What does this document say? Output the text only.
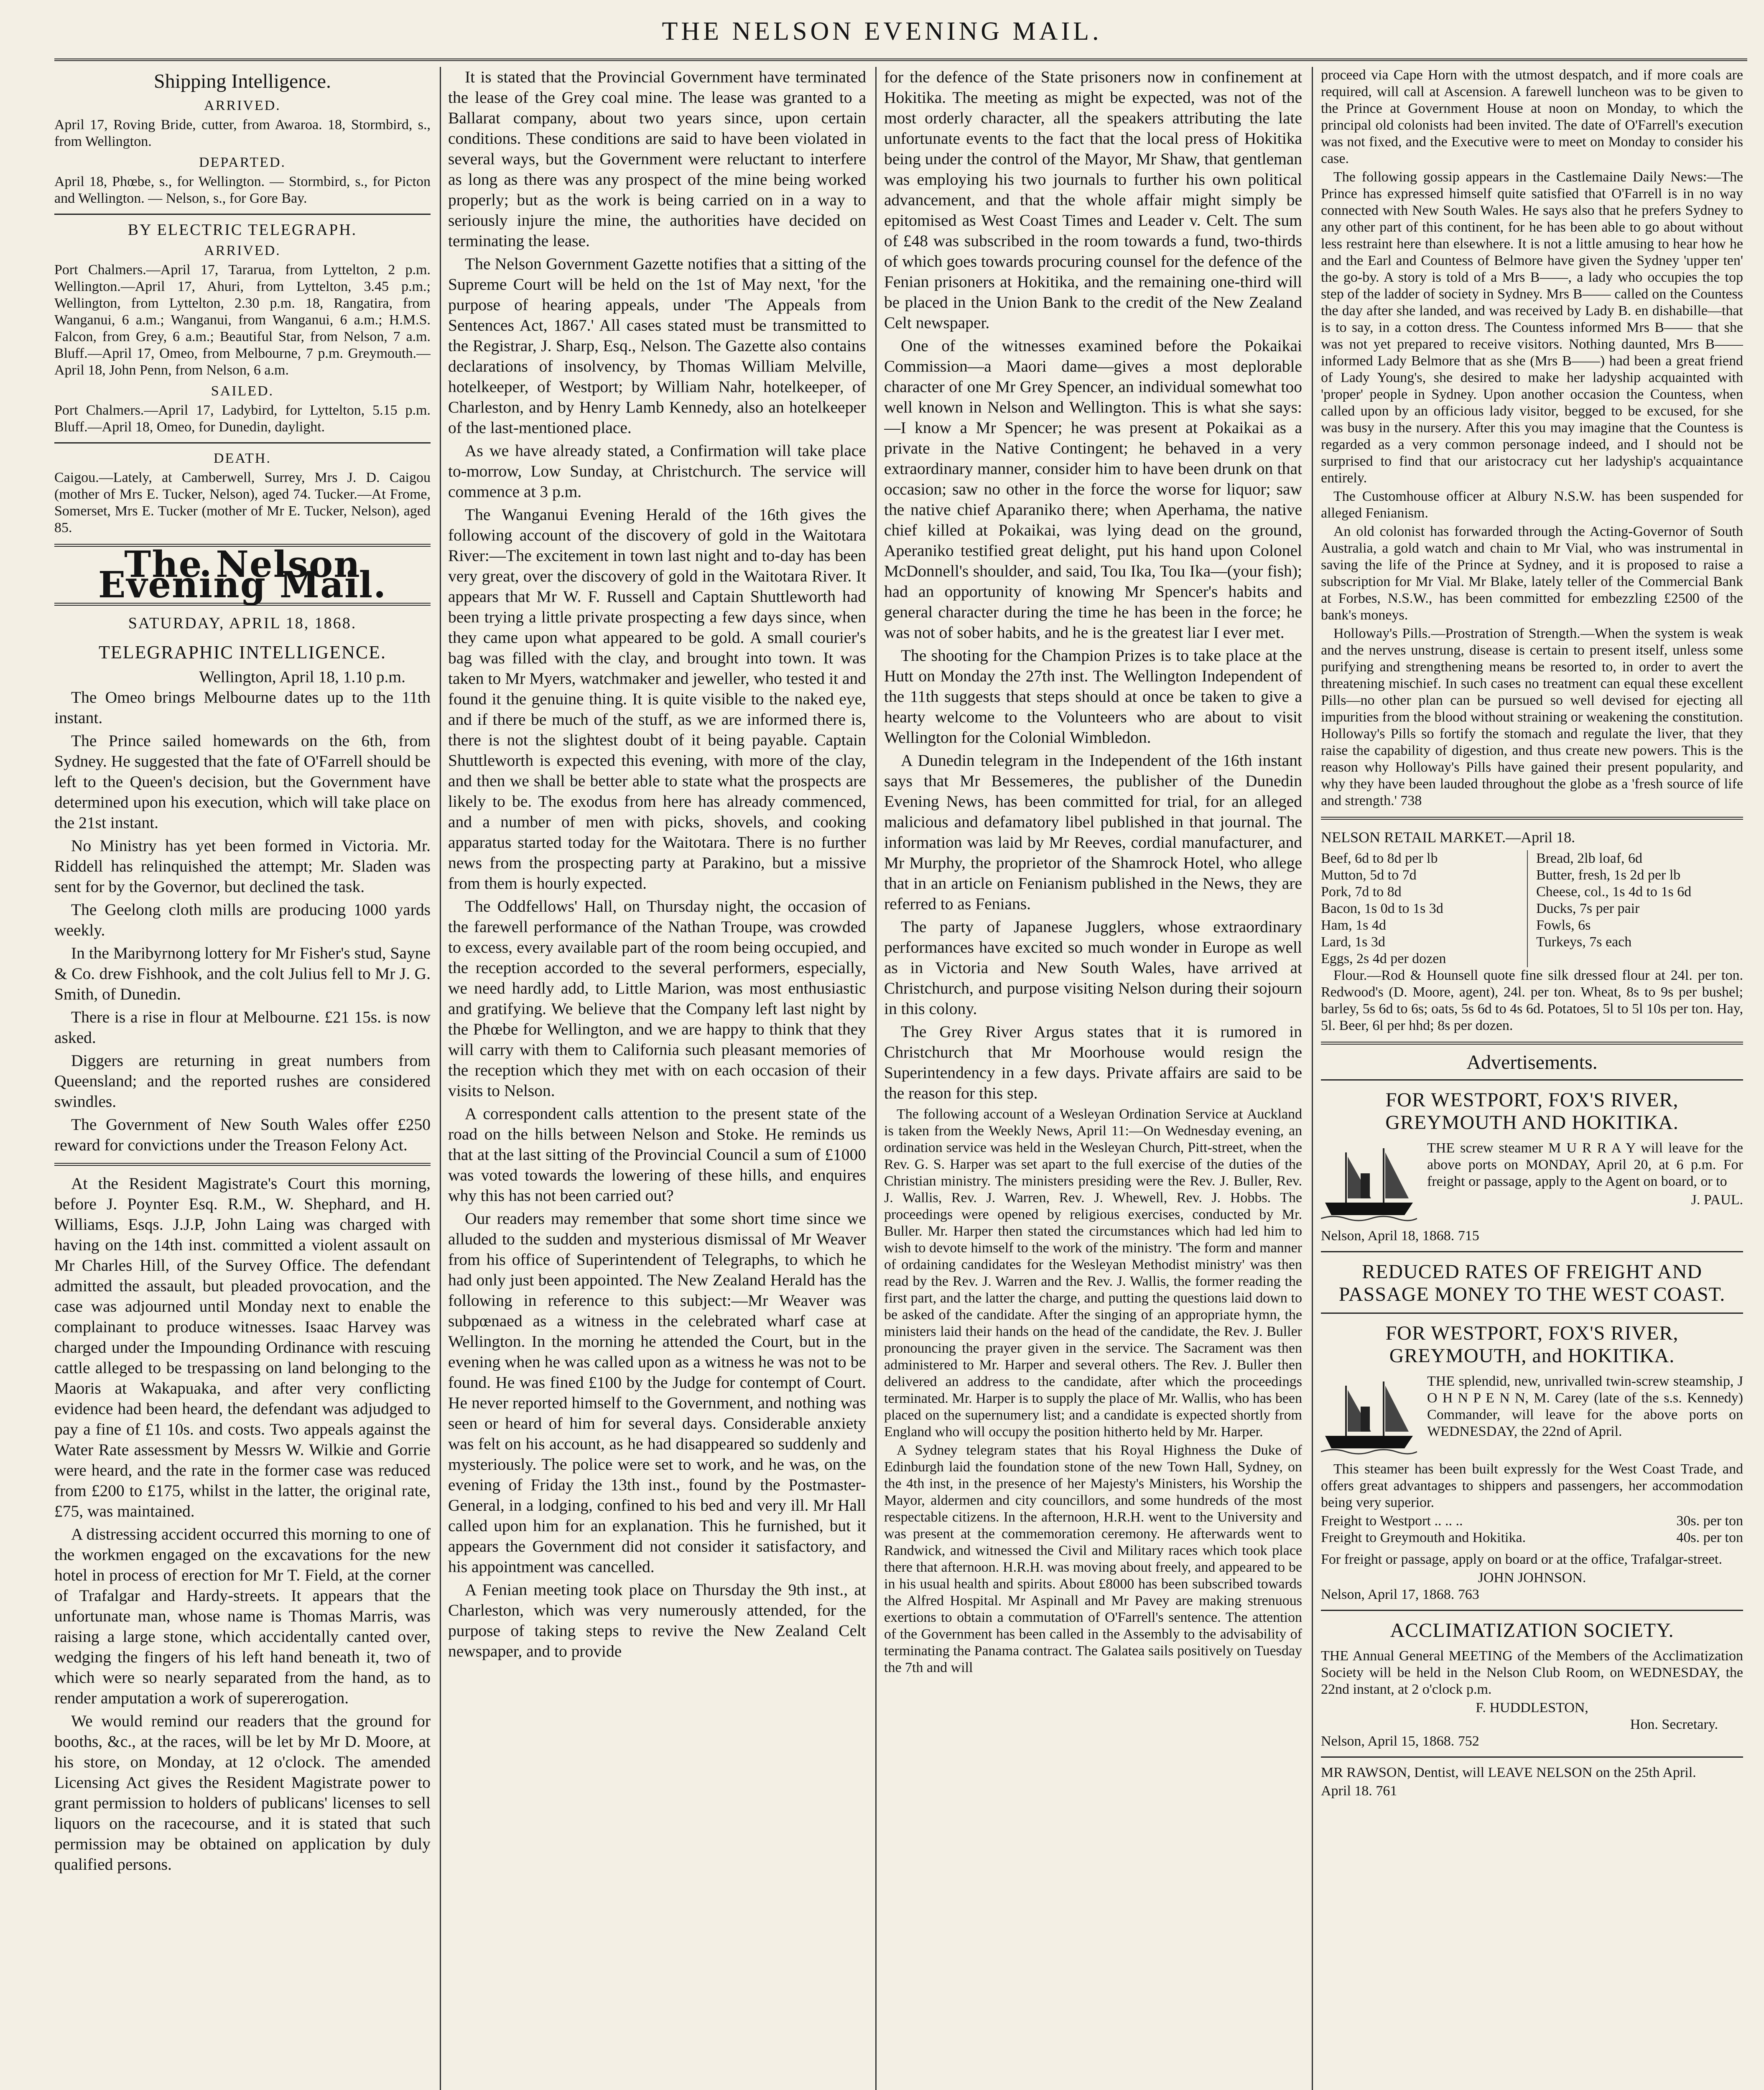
THE NELSON EVENING MAIL.
Shipping Intelligence.
ARRIVED.

April 17, Roving Bride, cutter, from Awaroa. 18, Stormbird, s., from Wellington.

DEPARTED.

April 18, Phœbe, s., for Wellington. — Stormbird, s., for Picton and Wellington. — Nelson, s., for Gore Bay.

BY ELECTRIC TELEGRAPH.
ARRIVED.

Port Chalmers.—April 17, Tararua, from Lyttelton, 2 p.m. Wellington.—April 17, Ahuri, from Lyttelton, 3.45 p.m.; Wellington, from Lyttelton, 2.30 p.m. 18, Rangatira, from Wanganui, 6 a.m.; Wanganui, from Wanganui, 6 a.m.; H.M.S. Falcon, from Grey, 6 a.m.; Beautiful Star, from Nelson, 7 a.m. Bluff.—April 17, Omeo, from Melbourne, 7 p.m. Greymouth.—April 18, John Penn, from Nelson, 6 a.m.

SAILED.

Port Chalmers.—April 17, Ladybird, for Lyttelton, 5.15 p.m. Bluff.—April 18, Omeo, for Dunedin, daylight.

DEATH.

Caigou.—Lately, at Camberwell, Surrey, Mrs J. D. Caigou (mother of Mrs E. Tucker, Nelson), aged 74. Tucker.—At Frome, Somerset, Mrs E. Tucker (mother of Mr E. Tucker, Nelson), aged 85.

The Nelson Evening Mail.
SATURDAY, APRIL 18, 1868.
TELEGRAPHIC INTELLIGENCE.
Wellington, April 18, 1.10 p.m.

The Omeo brings Melbourne dates up to the 11th instant.

The Prince sailed homewards on the 6th, from Sydney. He suggested that the fate of O'Farrell should be left to the Queen's decision, but the Government have determined upon his execution, which will take place on the 21st instant.

No Ministry has yet been formed in Victoria. Mr. Riddell has relinquished the attempt; Mr. Sladen was sent for by the Governor, but declined the task.

The Geelong cloth mills are producing 1000 yards weekly.

In the Maribyrnong lottery for Mr Fisher's stud, Sayne & Co. drew Fishhook, and the colt Julius fell to Mr J. G. Smith, of Dunedin.

There is a rise in flour at Melbourne. £21 15s. is now asked.

Diggers are returning in great numbers from Queensland; and the reported rushes are considered swindles.

The Government of New South Wales offer £250 reward for convictions under the Treason Felony Act.

At the Resident Magistrate's Court this morning, before J. Poynter Esq. R.M., W. Shephard, and H. Williams, Esqs. J.J.P, John Laing was charged with having on the 14th inst. committed a violent assault on Mr Charles Hill, of the Survey Office. The defendant admitted the assault, but pleaded provocation, and the case was adjourned until Monday next to enable the complainant to produce witnesses. Isaac Harvey was charged under the Impounding Ordinance with rescuing cattle alleged to be trespassing on land belonging to the Maoris at Wakapuaka, and after very conflicting evidence had been heard, the defendant was adjudged to pay a fine of £1 10s. and costs. Two appeals against the Water Rate assessment by Messrs W. Wilkie and Gorrie were heard, and the rate in the former case was reduced from £200 to £175, whilst in the latter, the original rate, £75, was maintained.

A distressing accident occurred this morning to one of the workmen engaged on the excavations for the new hotel in process of erection for Mr T. Field, at the corner of Trafalgar and Hardy-streets. It appears that the unfortunate man, whose name is Thomas Marris, was raising a large stone, which accidentally canted over, wedging the fingers of his left hand beneath it, two of which were so nearly separated from the hand, as to render amputation a work of supererogation.

We would remind our readers that the ground for booths, &c., at the races, will be let by Mr D. Moore, at his store, on Monday, at 12 o'clock. The amended Licensing Act gives the Resident Magistrate power to grant permission to holders of publicans' licenses to sell liquors on the racecourse, and it is stated that such permission may be obtained on application by duly qualified persons.

It is stated that the Provincial Government have terminated the lease of the Grey coal mine. The lease was granted to a Ballarat company, about two years since, upon certain conditions. These conditions are said to have been violated in several ways, but the Government were reluctant to interfere as long as there was any prospect of the mine being worked properly; but as the work is being carried on in a way to seriously injure the mine, the authorities have decided on terminating the lease.

The Nelson Government Gazette notifies that a sitting of the Supreme Court will be held on the 1st of May next, 'for the purpose of hearing appeals, under 'The Appeals from Sentences Act, 1867.' All cases stated must be transmitted to the Registrar, J. Sharp, Esq., Nelson. The Gazette also contains declarations of insolvency, by Thomas William Melville, hotelkeeper, of Westport; by William Nahr, hotelkeeper, of Charleston, and by Henry Lamb Kennedy, also an hotelkeeper of the last-mentioned place.

As we have already stated, a Confirmation will take place to-morrow, Low Sunday, at Christchurch. The service will commence at 3 p.m.

The Wanganui Evening Herald of the 16th gives the following account of the discovery of gold in the Waitotara River:—The excitement in town last night and to-day has been very great, over the discovery of gold in the Waitotara River. It appears that Mr W. F. Russell and Captain Shuttleworth had been trying a little private prospecting a few days since, when they came upon what appeared to be gold. A small courier's bag was filled with the clay, and brought into town. It was taken to Mr Myers, watchmaker and jeweller, who tested it and found it the genuine thing. It is quite visible to the naked eye, and if there be much of the stuff, as we are informed there is, there is not the slightest doubt of it being payable. Captain Shuttleworth is expected this evening, with more of the clay, and then we shall be better able to state what the prospects are likely to be. The exodus from here has already commenced, and a number of men with picks, shovels, and cooking apparatus started today for the Waitotara. There is no further news from the prospecting party at Parakino, but a missive from them is hourly expected.

The Oddfellows' Hall, on Thursday night, the occasion of the farewell performance of the Nathan Troupe, was crowded to excess, every available part of the room being occupied, and the reception accorded to the several performers, especially, we need hardly add, to Little Marion, was most enthusiastic and gratifying. We believe that the Company left last night by the Phœbe for Wellington, and we are happy to think that they will carry with them to California such pleasant memories of the reception which they met with on each occasion of their visits to Nelson.

A correspondent calls attention to the present state of the road on the hills between Nelson and Stoke. He reminds us that at the last sitting of the Provincial Council a sum of £1000 was voted towards the lowering of these hills, and enquires why this has not been carried out?

Our readers may remember that some short time since we alluded to the sudden and mysterious dismissal of Mr Weaver from his office of Superintendent of Telegraphs, to which he had only just been appointed. The New Zealand Herald has the following in reference to this subject:—Mr Weaver was subpœnaed as a witness in the celebrated wharf case at Wellington. In the morning he attended the Court, but in the evening when he was called upon as a witness he was not to be found. He was fined £100 by the Judge for contempt of Court. He never reported himself to the Government, and nothing was seen or heard of him for several days. Considerable anxiety was felt on his account, as he had disappeared so suddenly and mysteriously. The police were set to work, and he was, on the evening of Friday the 13th inst., found by the Postmaster-General, in a lodging, confined to his bed and very ill. Mr Hall called upon him for an explanation. This he furnished, but it appears the Government did not consider it satisfactory, and his appointment was cancelled.

A Fenian meeting took place on Thursday the 9th inst., at Charleston, which was very numerously attended, for the purpose of taking steps to revive the New Zealand Celt newspaper, and to provide

for the defence of the State prisoners now in confinement at Hokitika. The meeting as might be expected, was not of the most orderly character, all the speakers attributing the late unfortunate events to the fact that the local press of Hokitika being under the control of the Mayor, Mr Shaw, that gentleman was employing his two journals to further his own political advancement, and that the whole affair might simply be epitomised as West Coast Times and Leader v. Celt. The sum of £48 was subscribed in the room towards a fund, two-thirds of which goes towards procuring counsel for the defence of the Fenian prisoners at Hokitika, and the remaining one-third will be placed in the Union Bank to the credit of the New Zealand Celt newspaper.

One of the witnesses examined before the Pokaikai Commission—a Maori dame—gives a most deplorable character of one Mr Grey Spencer, an individual somewhat too well known in Nelson and Wellington. This is what she says:—I know a Mr Spencer; he was present at Pokaikai as a private in the Native Contingent; he behaved in a very extraordinary manner, consider him to have been drunk on that occasion; saw no other in the force the worse for liquor; saw the native chief Aparaniko there; when Aperhama, the native chief killed at Pokaikai, was lying dead on the ground, Aperaniko testified great delight, put his hand upon Colonel McDonnell's shoulder, and said, Tou Ika, Tou Ika—(your fish); had an opportunity of knowing Mr Spencer's habits and general character during the time he has been in the force; he was not of sober habits, and he is the greatest liar I ever met.

The shooting for the Champion Prizes is to take place at the Hutt on Monday the 27th inst. The Wellington Independent of the 11th suggests that steps should at once be taken to give a hearty welcome to the Volunteers who are about to visit Wellington for the Colonial Wimbledon.

A Dunedin telegram in the Independent of the 16th instant says that Mr Bessemeres, the publisher of the Dunedin Evening News, has been committed for trial, for an alleged malicious and defamatory libel published in that journal. The information was laid by Mr Reeves, cordial manufacturer, and Mr Murphy, the proprietor of the Shamrock Hotel, who allege that in an article on Fenianism published in the News, they are referred to as Fenians.

The party of Japanese Jugglers, whose extraordinary performances have excited so much wonder in Europe as well as in Victoria and New South Wales, have arrived at Christchurch, and purpose visiting Nelson during their sojourn in this colony.

The Grey River Argus states that it is rumored in Christchurch that Mr Moorhouse would resign the Superintendency in a few days. Private affairs are said to be the reason for this step.

The following account of a Wesleyan Ordination Service at Auckland is taken from the Weekly News, April 11:—On Wednesday evening, an ordination service was held in the Wesleyan Church, Pitt-street, when the Rev. G. S. Harper was set apart to the full exercise of the duties of the Christian ministry. The ministers presiding were the Rev. J. Buller, Rev. J. Wallis, Rev. J. Warren, Rev. J. Whewell, Rev. J. Hobbs. The proceedings were opened by religious exercises, conducted by Mr. Buller. Mr. Harper then stated the circumstances which had led him to wish to devote himself to the work of the ministry. 'The form and manner of ordaining candidates for the Wesleyan Methodist ministry' was then read by the Rev. J. Warren and the Rev. J. Wallis, the former reading the first part, and the latter the charge, and putting the questions laid down to be asked of the candidate. After the singing of an appropriate hymn, the ministers laid their hands on the head of the candidate, the Rev. J. Buller pronouncing the prayer given in the service. The Sacrament was then administered to Mr. Harper and several others. The Rev. J. Buller then delivered an address to the candidate, after which the proceedings terminated. Mr. Harper is to supply the place of Mr. Wallis, who has been placed on the supernumery list; and a candidate is expected shortly from England who will occupy the position hitherto held by Mr. Harper.

A Sydney telegram states that his Royal Highness the Duke of Edinburgh laid the foundation stone of the new Town Hall, Sydney, on the 4th inst, in the presence of her Majesty's Ministers, his Worship the Mayor, aldermen and city councillors, and some hundreds of the most respectable citizens. In the afternoon, H.R.H. went to the University and was present at the commemoration ceremony. He afterwards went to Randwick, and witnessed the Civil and Military races which took place there that afternoon. H.R.H. was moving about freely, and appeared to be in his usual health and spirits. About £8000 has been subscribed towards the Alfred Hospital. Mr Aspinall and Mr Pavey are making strenuous exertions to obtain a commutation of O'Farrell's sentence. The attention of the Government has been called in the Assembly to the advisability of terminating the Panama contract. The Galatea sails positively on Tuesday the 7th and will

proceed via Cape Horn with the utmost despatch, and if more coals are required, will call at Ascension. A farewell luncheon was to be given to the Prince at Government House at noon on Monday, to which the principal old colonists had been invited. The date of O'Farrell's execution was not fixed, and the Executive were to meet on Monday to consider his case.

The following gossip appears in the Castlemaine Daily News:—The Prince has expressed himself quite satisfied that O'Farrell is in no way connected with New South Wales. He says also that he prefers Sydney to any other part of this continent, for he has been able to go about without less restraint here than elsewhere. It is not a little amusing to hear how he and the Earl and Countess of Belmore have given the Sydney 'upper ten' the go-by. A story is told of a Mrs B——, a lady who occupies the top step of the ladder of society in Sydney. Mrs B—— called on the Countess the day after she landed, and was received by Lady B. en dishabille—that is to say, in a cotton dress. The Countess informed Mrs B—— that she was not yet prepared to receive visitors. Nothing daunted, Mrs B—— informed Lady Belmore that as she (Mrs B——) had been a great friend of Lady Young's, she desired to make her ladyship acquainted with 'proper' people in Sydney. Upon another occasion the Countess, when called upon by an officious lady visitor, begged to be excused, for she was busy in the nursery. After this you may imagine that the Countess is regarded as a very common personage indeed, and I should not be surprised to find that our aristocracy cut her ladyship's acquaintance entirely.

The Customhouse officer at Albury N.S.W. has been suspended for alleged Fenianism.

An old colonist has forwarded through the Acting-Governor of South Australia, a gold watch and chain to Mr Vial, who was instrumental in saving the life of the Prince at Sydney, and it is proposed to raise a subscription for Mr Vial. Mr Blake, lately teller of the Commercial Bank at Forbes, N.S.W., has been committed for embezzling £2500 of the bank's moneys.

Holloway's Pills.—Prostration of Strength.—When the system is weak and the nerves unstrung, disease is certain to present itself, unless some purifying and strengthening means be resorted to, in order to avert the threatening mischief. In such cases no treatment can equal these excellent Pills—no other plan can be pursued so well devised for ejecting all impurities from the blood without straining or weakening the constitution. Holloway's Pills so fortify the stomach and regulate the liver, that they raise the capability of digestion, and thus create new powers. This is the reason why Holloway's Pills have gained their present popularity, and why they have been lauded throughout the globe as a 'fresh source of life and strength.' 738

NELSON RETAIL MARKET.—April 18.
Beef, 6d to 8d per lb	Bread, 2lb loaf, 6d
Mutton, 5d to 7d	Butter, fresh, 1s 2d per lb
Pork, 7d to 8d	Cheese, col., 1s 4d to 1s 6d
Bacon, 1s 0d to 1s 3d	Ducks, 7s per pair
Ham, 1s 4d	Fowls, 6s
Lard, 1s 3d	Turkeys, 7s each
Eggs, 2s 4d per dozen

Flour.—Rod & Hounsell quote fine silk dressed flour at 24l. per ton. Redwood's (D. Moore, agent), 24l. per ton. Wheat, 8s to 9s per bushel; barley, 5s 6d to 6s; oats, 5s 6d to 4s 6d. Potatoes, 5l to 5l 10s per ton. Hay, 5l. Beer, 6l per hhd; 8s per dozen.

Advertisements.
FOR WESTPORT, FOX'S RIVER, GREYMOUTH AND HOKITIKA.

THE screw steamer M U R R A Y will leave for the above ports on MONDAY, April 20, at 6 p.m. For freight or passage, apply to the Agent on board, or to

J. PAUL.
Nelson, April 18, 1868. 715
REDUCED RATES OF FREIGHT AND PASSAGE MONEY TO THE WEST COAST.
FOR WESTPORT, FOX'S RIVER, GREYMOUTH, and HOKITIKA.

THE splendid, new, unrivalled twin-screw steamship, J O H N P E N N, M. Carey (late of the s.s. Kennedy) Commander, will leave for the above ports on WEDNESDAY, the 22nd of April.

This steamer has been built expressly for the West Coast Trade, and offers great advantages to shippers and passengers, her accommodation being very superior.

Freight to Westport .. .. ..	30s. per ton
Freight to Greymouth and Hokitika.	40s. per ton

For freight or passage, apply on board or at the office, Trafalgar-street.

JOHN JOHNSON.
Nelson, April 17, 1868. 763
ACCLIMATIZATION SOCIETY.

THE Annual General MEETING of the Members of the Acclimatization Society will be held in the Nelson Club Room, on WEDNESDAY, the 22nd instant, at 2 o'clock p.m.

F. HUDDLESTON,
Hon. Secretary.
Nelson, April 15, 1868. 752

MR RAWSON, Dentist, will LEAVE NELSON on the 25th April.

April 18. 761
